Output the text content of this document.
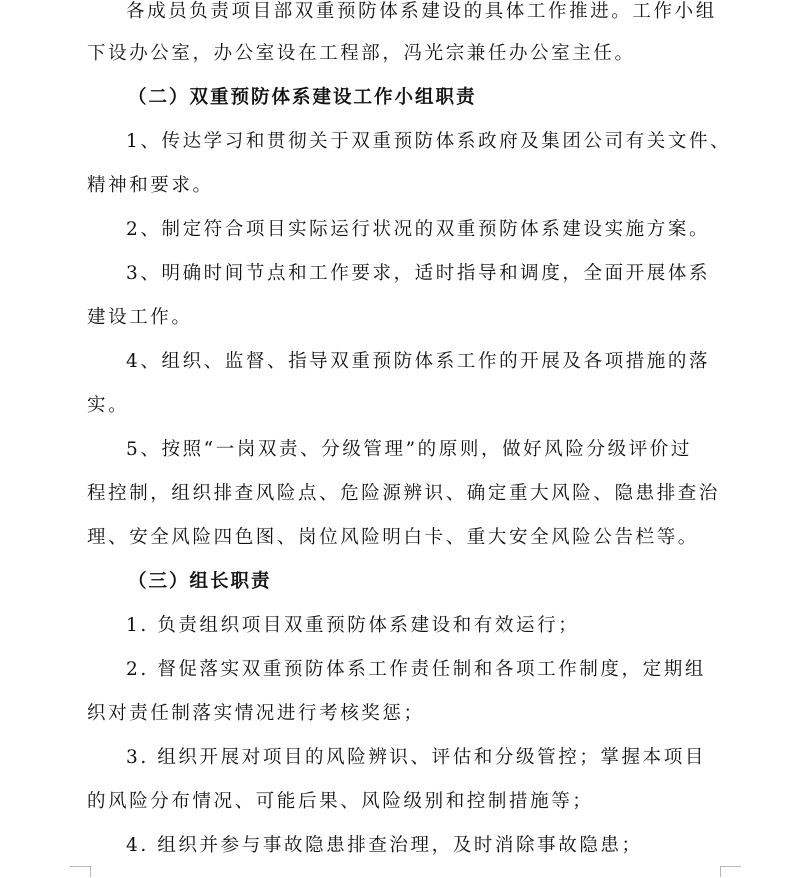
各成员负责项目部双重预防体系建设的具体工作推进。工作小组
下设办公室，办公室设在工程部，冯光宗兼任办公室主任。
（二）双重预防体系建设工作小组职责
1、传达学习和贯彻关于双重预防体系政府及集团公司有关文件、
精神和要求。
2、制定符合项目实际运行状况的双重预防体系建设实施方案。
3、明确时间节点和工作要求，适时指导和调度，全面开展体系
建设工作。
4、组织、监督、指导双重预防体系工作的开展及各项措施的落
实。
5、按照“一岗双责、分级管理”的原则，做好风险分级评价过
程控制，组织排查风险点、危险源辨识、确定重大风险、隐患排查治
理、安全风险四色图、岗位风险明白卡、重大安全风险公告栏等。
（三）组长职责
1. 负责组织项目双重预防体系建设和有效运行；
2. 督促落实双重预防体系工作责任制和各项工作制度，定期组
织对责任制落实情况进行考核奖惩；
3. 组织开展对项目的风险辨识、评估和分级管控；掌握本项目
的风险分布情况、可能后果、风险级别和控制措施等；
4. 组织并参与事故隐患排查治理，及时消除事故隐患；
